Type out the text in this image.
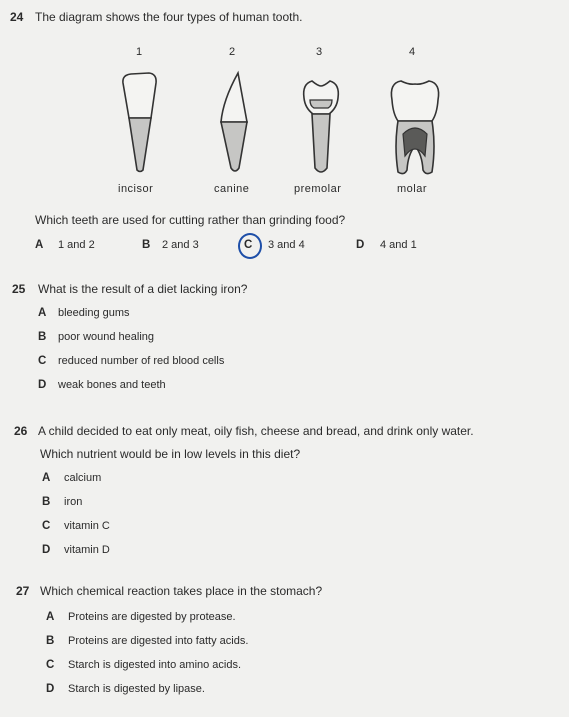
24 The diagram shows the four types of human tooth.
1	2	3	4
incisor	canine	premolar	molar
Which teeth are used for cutting rather than grinding food?
A 1 and 2	B 2 and 3	C 3 and 4	D 4 and 1
25 What is the result of a diet lacking iron?
A bleeding gums
B poor wound healing
C reduced number of red blood cells
D weak bones and teeth
26 A child decided to eat only meat, oily fish, cheese and bread, and drink only water.
Which nutrient would be in low levels in this diet?
A calcium
B iron
C vitamin C
D vitamin D
27 Which chemical reaction takes place in the stomach?
A Proteins are digested by protease.
B Proteins are digested into fatty acids.
C Starch is digested into amino acids.
D Starch is digested by lipase.
